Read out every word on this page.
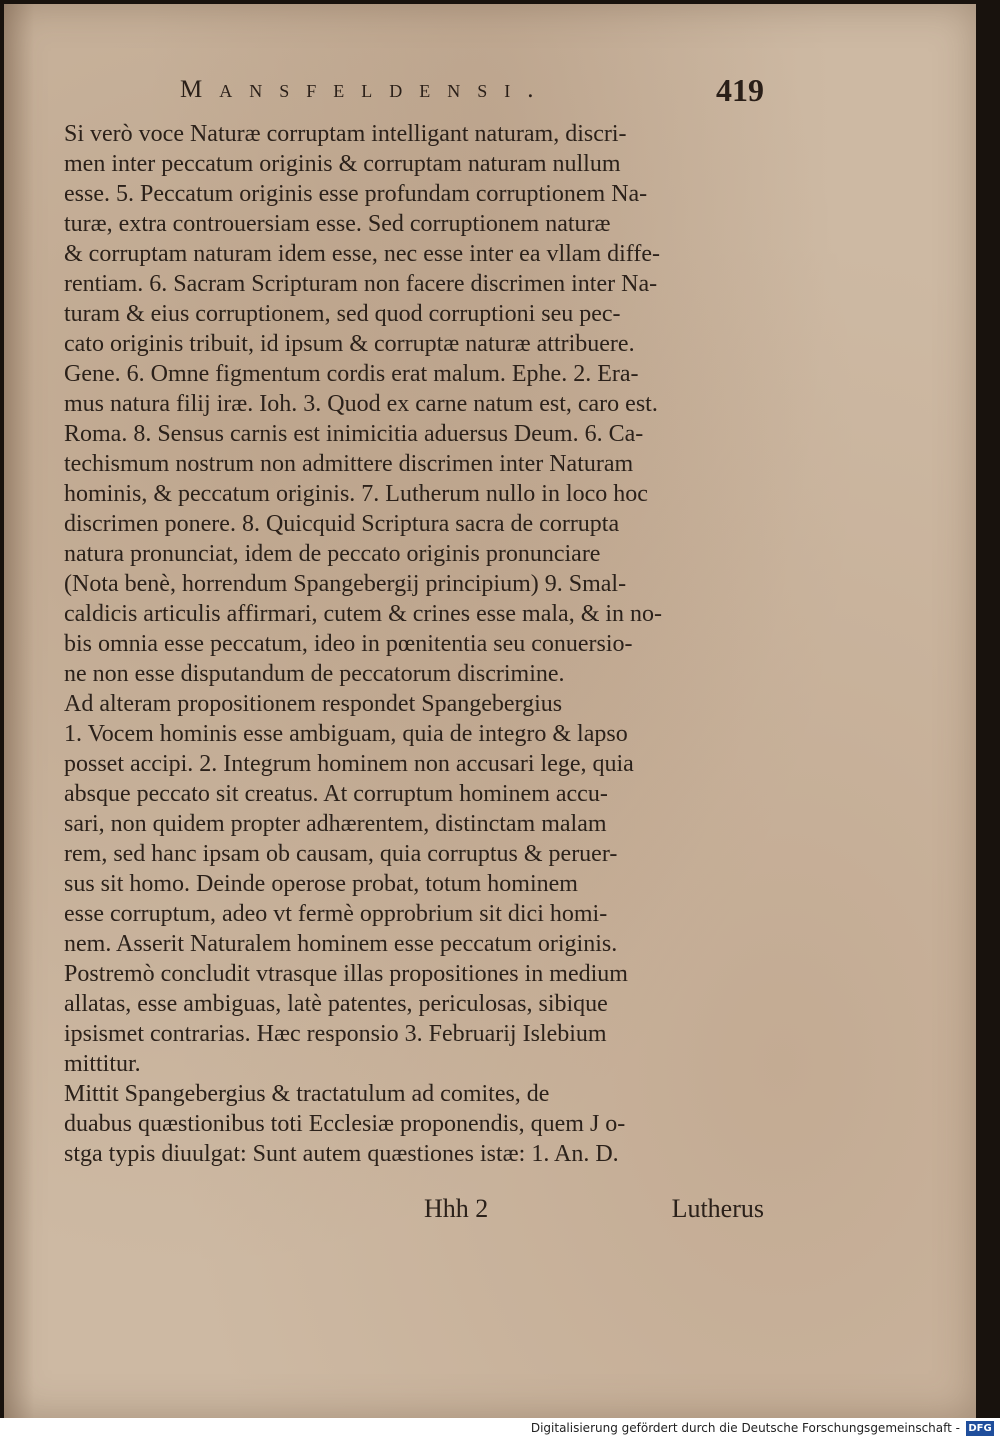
Mansfeldensi.	419

Si verò voce Naturæ corruptam intelligant naturam, discri-
men inter peccatum originis & corruptam naturam nullum
esse. 5. Peccatum originis esse profundam corruptionem Na-
turæ, extra controuersiam esse. Sed corruptionem naturæ
& corruptam naturam idem esse, nec esse inter ea vllam diffe-
rentiam. 6. Sacram Scripturam non facere discrimen inter Na-
turam & eius corruptionem, sed quod corruptioni seu pec-
cato originis tribuit, id ipsum & corruptæ naturæ attribuere.
Gene. 6. Omne figmentum cordis erat malum. Ephe. 2. Era-
mus natura filij iræ. Ioh. 3. Quod ex carne natum est, caro est.
Roma. 8. Sensus carnis est inimicitia aduersus Deum. 6. Ca-
techismum nostrum non admittere discrimen inter Naturam
hominis, & peccatum originis. 7. Lutherum nullo in loco hoc
discrimen ponere. 8. Quicquid Scriptura sacra de corrupta
natura pronunciat, idem de peccato originis pronunciare
(Nota benè, horrendum Spangebergij principium) 9. Smal-
caldicis articulis affirmari, cutem & crines esse mala, & in no-
bis omnia esse peccatum, ideo in pœnitentia seu conuersio-
ne non esse disputandum de peccatorum discrimine.

Ad alteram propositionem respondet Spangebergius
1. Vocem hominis esse ambiguam, quia de integro & lapso
posset accipi. 2. Integrum hominem non accusari lege, quia
absque peccato sit creatus. At corruptum hominem accu-
sari, non quidem propter adhærentem, distinctam malam
rem, sed hanc ipsam ob causam, quia corruptus & peruer-
sus sit homo. Deinde operose probat, totum hominem
esse corruptum, adeo vt fermè opprobrium sit dici homi-
nem. Asserit Naturalem hominem esse peccatum originis.
Postremò concludit vtrasque illas propositiones in medium
allatas, esse ambiguas, latè patentes, periculosas, sibique
ipsismet contrarias. Hæc responsio 3. Februarij Islebium
mittitur.

Mittit Spangebergius & tractatulum ad comites, de
duabus quæstionibus toti Ecclesiæ proponendis, quem J o-
stga typis diuulgat: Sunt autem quæstiones istæ: 1. An. D.

Hhh 2	Lutherus
Digitalisierung gefördert durch die Deutsche Forschungsgemeinschaft - DFG
